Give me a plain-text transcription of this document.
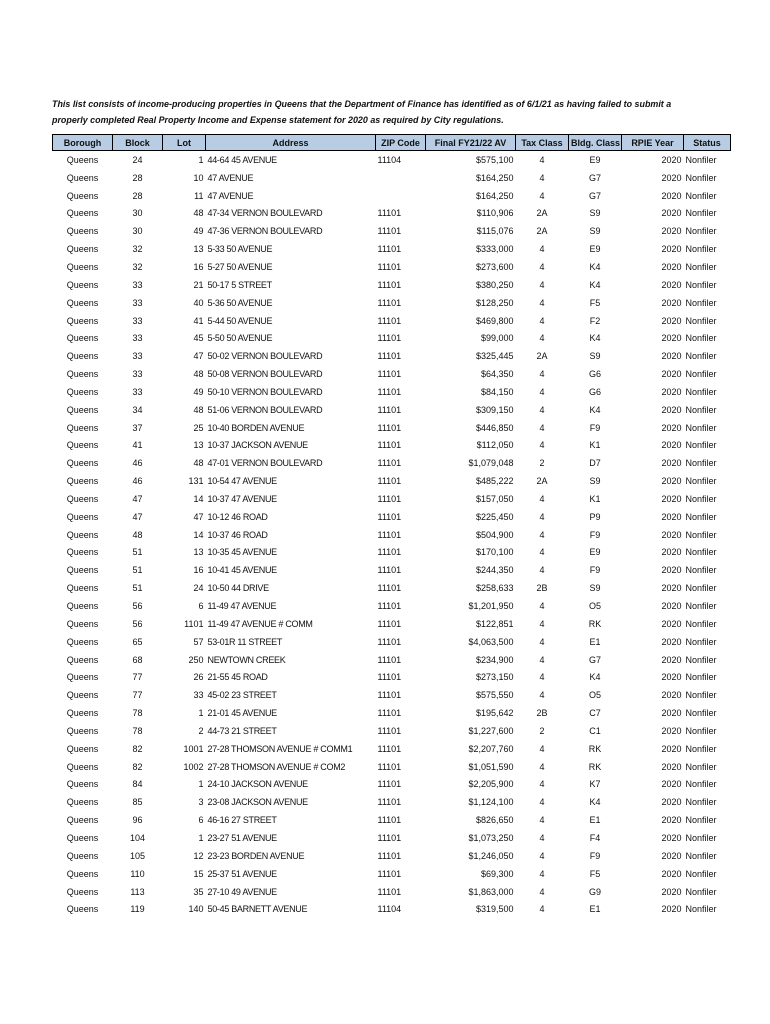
This list consists of income-producing properties in Queens that the Department of Finance has identified as of 6/1/21 as having failed to submit a properly completed Real Property Income and Expense statement for 2020 as required by City regulations.
Borough	Block	Lot	Address	ZIP Code	Final FY21/22 AV	Tax Class	Bldg. Class	RPIE Year	Status
Queens	24	1	44-64 45 AVENUE	11104	$575,100	4	E9	2020	Nonfiler
Queens	28	10	47 AVENUE		$164,250	4	G7	2020	Nonfiler
Queens	28	11	47 AVENUE		$164,250	4	G7	2020	Nonfiler
Queens	30	48	47-34 VERNON BOULEVARD	11101	$110,906	2A	S9	2020	Nonfiler
Queens	30	49	47-36 VERNON BOULEVARD	11101	$115,076	2A	S9	2020	Nonfiler
Queens	32	13	5-33 50 AVENUE	11101	$333,000	4	E9	2020	Nonfiler
Queens	32	16	5-27 50 AVENUE	11101	$273,600	4	K4	2020	Nonfiler
Queens	33	21	50-17 5 STREET	11101	$380,250	4	K4	2020	Nonfiler
Queens	33	40	5-36 50 AVENUE	11101	$128,250	4	F5	2020	Nonfiler
Queens	33	41	5-44 50 AVENUE	11101	$469,800	4	F2	2020	Nonfiler
Queens	33	45	5-50 50 AVENUE	11101	$99,000	4	K4	2020	Nonfiler
Queens	33	47	50-02 VERNON BOULEVARD	11101	$325,445	2A	S9	2020	Nonfiler
Queens	33	48	50-08 VERNON BOULEVARD	11101	$64,350	4	G6	2020	Nonfiler
Queens	33	49	50-10 VERNON BOULEVARD	11101	$84,150	4	G6	2020	Nonfiler
Queens	34	48	51-06 VERNON BOULEVARD	11101	$309,150	4	K4	2020	Nonfiler
Queens	37	25	10-40 BORDEN AVENUE	11101	$446,850	4	F9	2020	Nonfiler
Queens	41	13	10-37 JACKSON AVENUE	11101	$112,050	4	K1	2020	Nonfiler
Queens	46	48	47-01 VERNON BOULEVARD	11101	$1,079,048	2	D7	2020	Nonfiler
Queens	46	131	10-54 47 AVENUE	11101	$485,222	2A	S9	2020	Nonfiler
Queens	47	14	10-37 47 AVENUE	11101	$157,050	4	K1	2020	Nonfiler
Queens	47	47	10-12 46 ROAD	11101	$225,450	4	P9	2020	Nonfiler
Queens	48	14	10-37 46 ROAD	11101	$504,900	4	F9	2020	Nonfiler
Queens	51	13	10-35 45 AVENUE	11101	$170,100	4	E9	2020	Nonfiler
Queens	51	16	10-41 45 AVENUE	11101	$244,350	4	F9	2020	Nonfiler
Queens	51	24	10-50 44 DRIVE	11101	$258,633	2B	S9	2020	Nonfiler
Queens	56	6	11-49 47 AVENUE	11101	$1,201,950	4	O5	2020	Nonfiler
Queens	56	1101	11-49 47 AVENUE # COMM	11101	$122,851	4	RK	2020	Nonfiler
Queens	65	57	53-01R 11 STREET	11101	$4,063,500	4	E1	2020	Nonfiler
Queens	68	250	NEWTOWN CREEK	11101	$234,900	4	G7	2020	Nonfiler
Queens	77	26	21-55 45 ROAD	11101	$273,150	4	K4	2020	Nonfiler
Queens	77	33	45-02 23 STREET	11101	$575,550	4	O5	2020	Nonfiler
Queens	78	1	21-01 45 AVENUE	11101	$195,642	2B	C7	2020	Nonfiler
Queens	78	2	44-73 21 STREET	11101	$1,227,600	2	C1	2020	Nonfiler
Queens	82	1001	27-28 THOMSON AVENUE # COMM1	11101	$2,207,760	4	RK	2020	Nonfiler
Queens	82	1002	27-28 THOMSON AVENUE # COM2	11101	$1,051,590	4	RK	2020	Nonfiler
Queens	84	1	24-10 JACKSON AVENUE	11101	$2,205,900	4	K7	2020	Nonfiler
Queens	85	3	23-08 JACKSON AVENUE	11101	$1,124,100	4	K4	2020	Nonfiler
Queens	96	6	46-16 27 STREET	11101	$826,650	4	E1	2020	Nonfiler
Queens	104	1	23-27 51 AVENUE	11101	$1,073,250	4	F4	2020	Nonfiler
Queens	105	12	23-23 BORDEN AVENUE	11101	$1,246,050	4	F9	2020	Nonfiler
Queens	110	15	25-37 51 AVENUE	11101	$69,300	4	F5	2020	Nonfiler
Queens	113	35	27-10 49 AVENUE	11101	$1,863,000	4	G9	2020	Nonfiler
Queens	119	140	50-45 BARNETT AVENUE	11104	$319,500	4	E1	2020	Nonfiler
